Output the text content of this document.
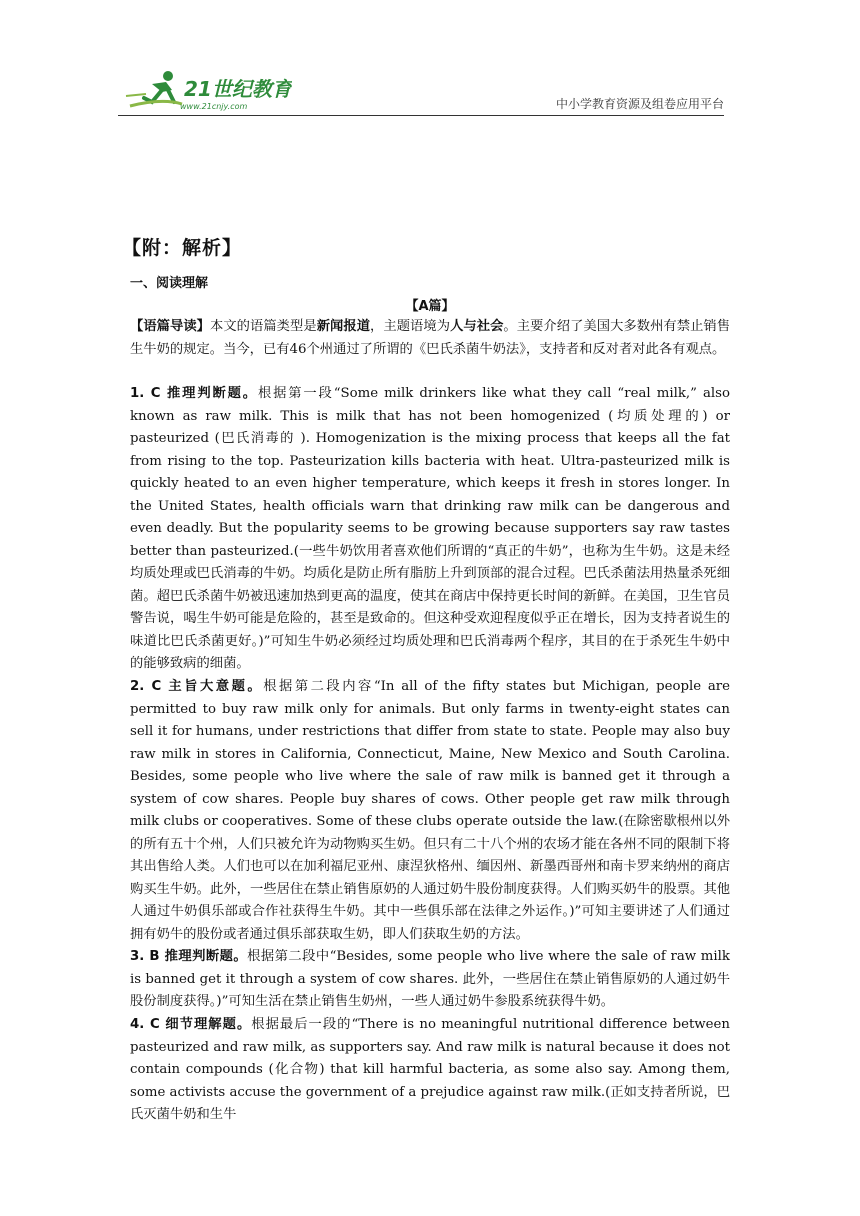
21世纪教育
www.21cnjy.com	中小学教育资源及组卷应用平台
【附：解析】
一、阅读理解
【A篇】
【语篇导读】本文的语篇类型是新闻报道，主题语境为人与社会。主要介绍了美国大多数州有禁止销售生牛奶的规定。当今，已有46个州通过了所谓的《巴氏杀菌牛奶法》，支持者和反对者对此各有观点。
1. C 推理判断题。根据第一段“Some milk drinkers like what they call “real milk,” also known as raw milk. This is milk that has not been homogenized (均质处理的) or pasteurized (巴氏消毒的 ). Homogenization is the mixing process that keeps all the fat from rising to the top. Pasteurization kills bacteria with heat. Ultra-pasteurized milk is quickly heated to an even higher temperature, which keeps it fresh in stores longer. In the United States, health officials warn that drinking raw milk can be dangerous and even deadly. But the popularity seems to be growing because supporters say raw tastes better than pasteurized.(一些牛奶饮用者喜欢他们所谓的“真正的牛奶”，也称为生牛奶。这是未经均质处理或巴氏消毒的牛奶。均质化是防止所有脂肪上升到顶部的混合过程。巴氏杀菌法用热量杀死细菌。超巴氏杀菌牛奶被迅速加热到更高的温度，使其在商店中保持更长时间的新鲜。在美国，卫生官员警告说，喝生牛奶可能是危险的，甚至是致命的。但这种受欢迎程度似乎正在增长，因为支持者说生的味道比巴氏杀菌更好。)”可知生牛奶必须经过均质处理和巴氏消毒两个程序，其目的在于杀死生牛奶中的能够致病的细菌。
2. C 主旨大意题。根据第二段内容“In all of the fifty states but Michigan, people are permitted to buy raw milk only for animals. But only farms in twenty-eight states can sell it for humans, under restrictions that differ from state to state. People may also buy raw milk in stores in California, Connecticut, Maine, New Mexico and South Carolina. Besides, some people who live where the sale of raw milk is banned get it through a system of cow shares. People buy shares of cows. Other people get raw milk through milk clubs or cooperatives. Some of these clubs operate outside the law.(在除密歇根州以外的所有五十个州，人们只被允许为动物购买生奶。但只有二十八个州的农场才能在各州不同的限制下将其出售给人类。人们也可以在加利福尼亚州、康涅狄格州、缅因州、新墨西哥州和南卡罗来纳州的商店购买生牛奶。此外，一些居住在禁止销售原奶的人通过奶牛股份制度获得。人们购买奶牛的股票。其他人通过牛奶俱乐部或合作社获得生牛奶。其中一些俱乐部在法律之外运作。)”可知主要讲述了人们通过拥有奶牛的股份或者通过俱乐部获取生奶，即人们获取生奶的方法。
3. B 推理判断题。根据第二段中“Besides, some people who live where the sale of raw milk is banned get it through a system of cow shares. 此外，一些居住在禁止销售原奶的人通过奶牛股份制度获得。)”可知生活在禁止销售生奶州，一些人通过奶牛参股系统获得牛奶。
4. C 细节理解题。根据最后一段的“There is no meaningful nutritional difference between pasteurized and raw milk, as supporters say. And raw milk is natural because it does not contain compounds (化合物) that kill harmful bacteria, as some also say. Among them, some activists accuse the government of a prejudice against raw milk.(正如支持者所说，巴氏灭菌牛奶和生牛
